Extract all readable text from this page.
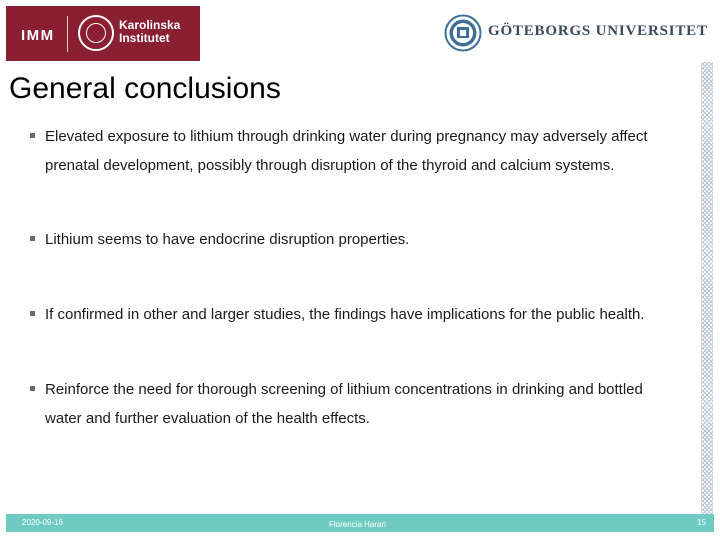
IMM
Karolinska
Institutet	GÖTEBORGS UNIVERSITET
General conclusions
Elevated exposure to lithium through drinking water during pregnancy may adversely affect prenatal development, possibly through disruption of the thyroid and calcium systems.
Lithium seems to have endocrine disruption properties.
If confirmed in other and larger studies, the findings have implications for the public health.
Reinforce the need for thorough screening of lithium concentrations in drinking and bottled water and further evaluation of the health effects.
2020-09-16	Florencia Harari	15
